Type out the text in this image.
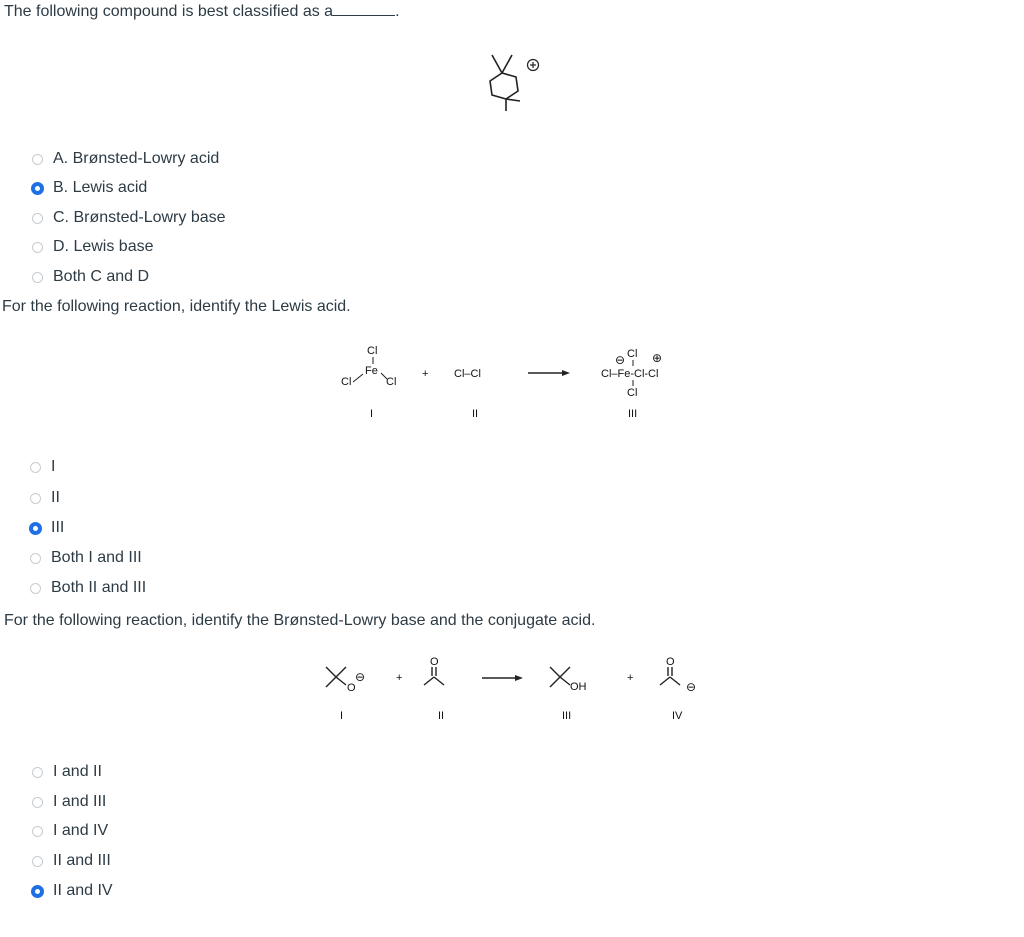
The following compound is best classified as a	.
A. Brønsted-Lowry acid
B. Lewis acid
C. Brønsted-Lowry base
D. Lewis base
Both C and D
For the following reaction, identify the Lewis acid.
Cl
Fe
Cl	Cl
I
+ Cl–Cl
II
⊖ Cl ⊕
Cl–Fe-Cl-Cl
Cl
III
I
II
III
Both I and III
Both II and III
For the following reaction, identify the Brønsted-Lowry base and the conjugate acid.
O
⊖
I
+
O
II
OH
III
+
O
⊖
IV
I and II
I and III
I and IV
II and III
II and IV
